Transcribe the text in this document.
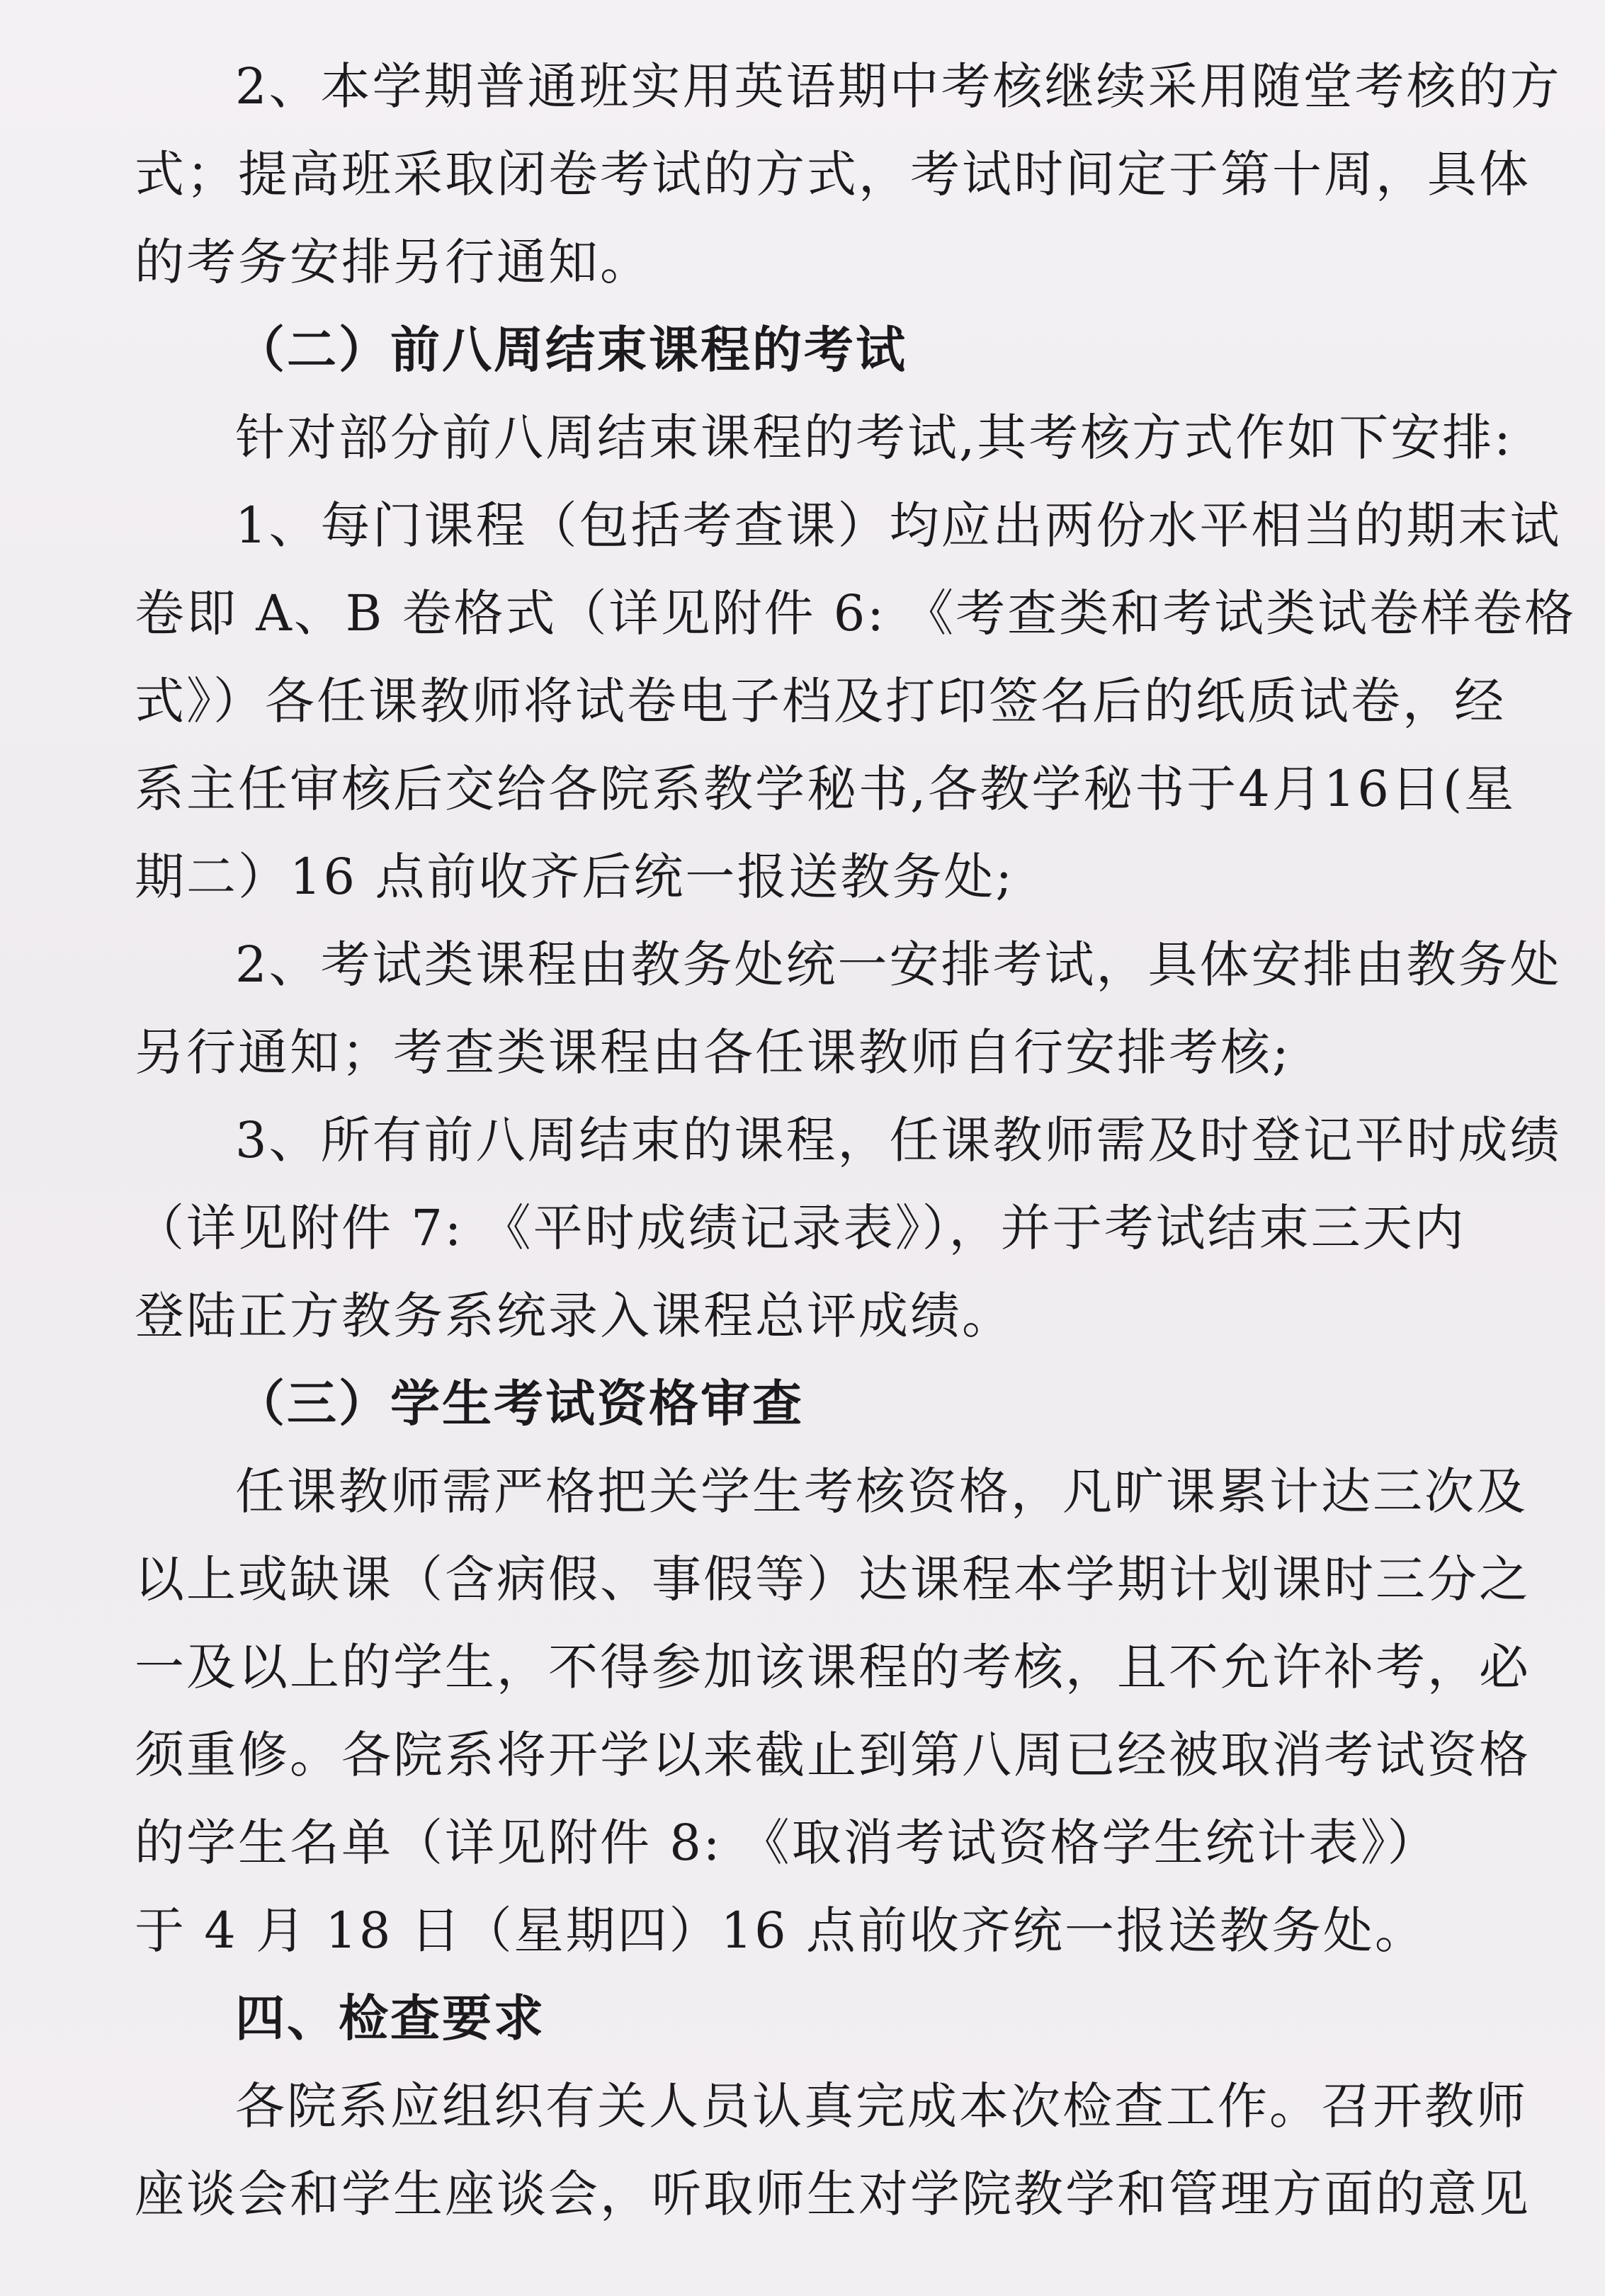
2、本学期普通班实用英语期中考核继续采用随堂考核的方
式；提高班采取闭卷考试的方式，考试时间定于第十周，具体
的考务安排另行通知。
（二）前八周结束课程的考试
针对部分前八周结束课程的考试,其考核方式作如下安排:
1、每门课程（包括考查课）均应出两份水平相当的期末试
卷即 A、B 卷格式（详见附件 6: 《考查类和考试类试卷样卷格
式》）各任课教师将试卷电子档及打印签名后的纸质试卷，经
系主任审核后交给各院系教学秘书,各教学秘书于4月16日(星
期二）16 点前收齐后统一报送教务处;
2、考试类课程由教务处统一安排考试，具体安排由教务处
另行通知；考查类课程由各任课教师自行安排考核;
3、所有前八周结束的课程，任课教师需及时登记平时成绩
（详见附件 7: 《平时成绩记录表》），并于考试结束三天内
登陆正方教务系统录入课程总评成绩。
（三）学生考试资格审查
任课教师需严格把关学生考核资格，凡旷课累计达三次及
以上或缺课（含病假、事假等）达课程本学期计划课时三分之
一及以上的学生，不得参加该课程的考核，且不允许补考，必
须重修。各院系将开学以来截止到第八周已经被取消考试资格
的学生名单（详见附件 8: 《取消考试资格学生统计表》）
于 4 月 18 日（星期四）16 点前收齐统一报送教务处。
四、检查要求
各院系应组织有关人员认真完成本次检查工作。召开教师
座谈会和学生座谈会，听取师生对学院教学和管理方面的意见
